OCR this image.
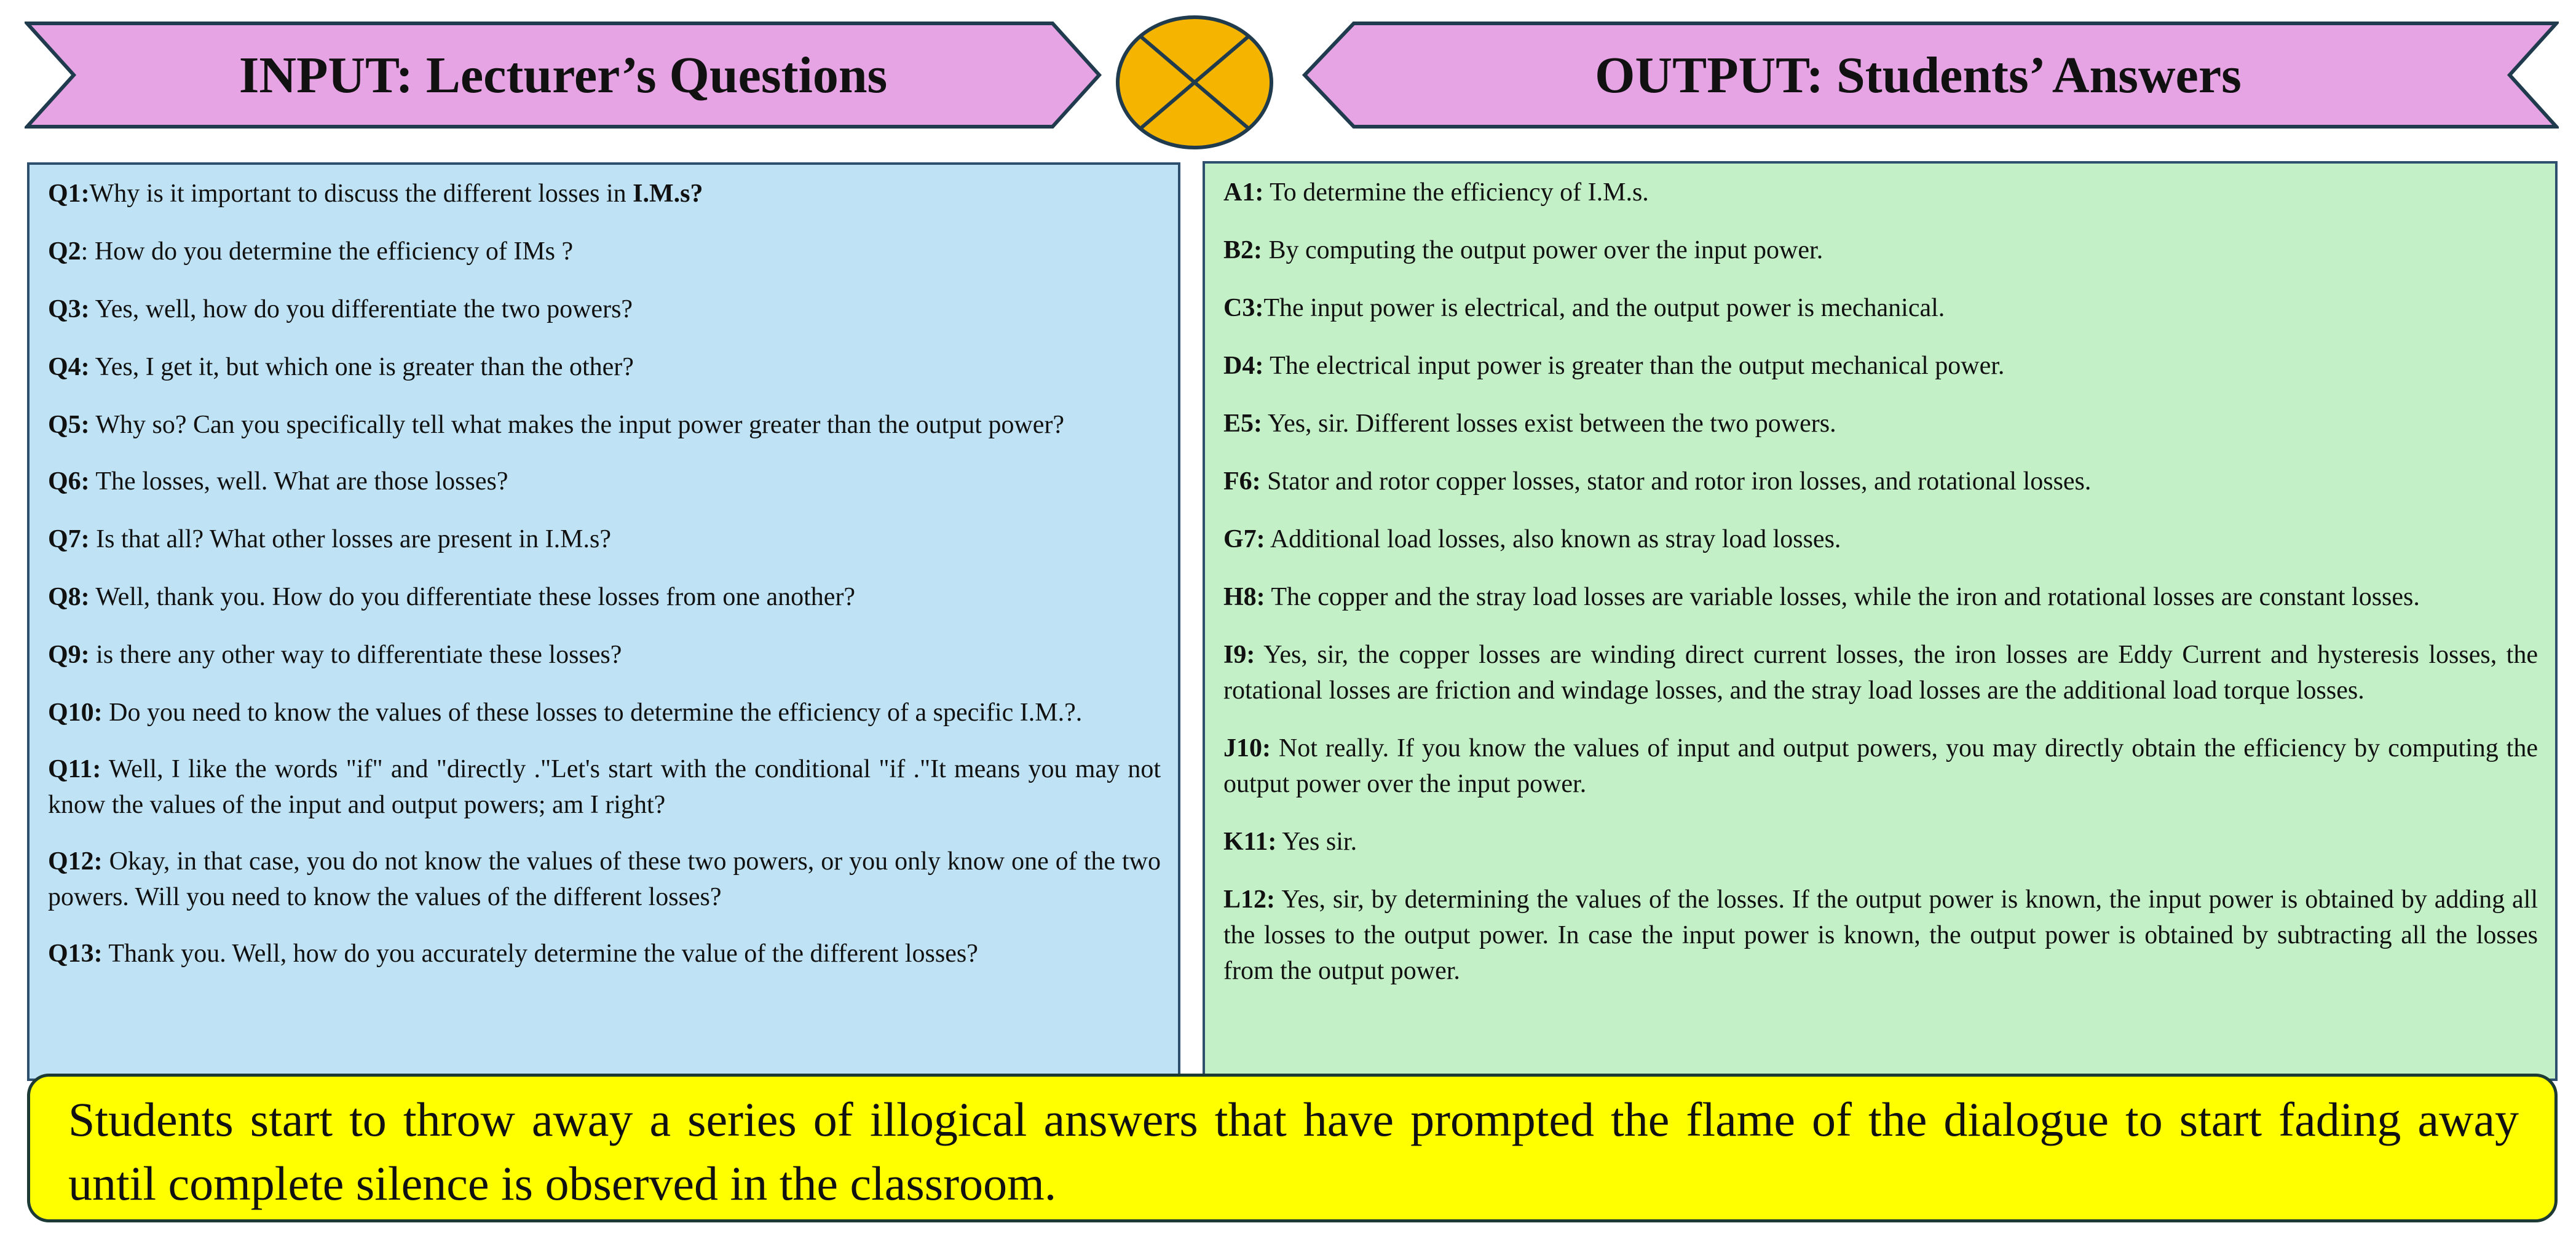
INPUT: Lecturer’s Questions	OUTPUT: Students’ Answers

Q1:Why is it important to discuss the different losses in I.M.s?

Q2: How do you determine the efficiency of IMs ?

Q3: Yes, well, how do you differentiate the two powers?

Q4: Yes, I get it, but which one is greater than the other?

Q5: Why so? Can you specifically tell what makes the input power greater than the output power?

Q6: The losses, well. What are those losses?

Q7: Is that all? What other losses are present in I.M.s?

Q8: Well, thank you. How do you differentiate these losses from one another?

Q9: is there any other way to differentiate these losses?

Q10: Do you need to know the values of these losses to determine the efficiency of a specific I.M.?.

Q11: Well, I like the words "if" and "directly ."Let's start with the conditional "if ."It means you may not know the values of the input and output powers; am I right?

Q12: Okay, in that case, you do not know the values of these two powers, or you only know one of the two powers. Will you need to know the values of the different losses?

Q13: Thank you. Well, how do you accurately determine the value of the different losses?

A1: To determine the efficiency of I.M.s.

B2: By computing the output power over the input power.

C3:The input power is electrical, and the output power is mechanical.

D4: The electrical input power is greater than the output mechanical power.

E5: Yes, sir. Different losses exist between the two powers.

F6: Stator and rotor copper losses, stator and rotor iron losses, and rotational losses.

G7: Additional load losses, also known as stray load losses.

H8: The copper and the stray load losses are variable losses, while the iron and rotational losses are constant losses.

I9: Yes, sir, the copper losses are winding direct current losses, the iron losses are Eddy Current and hysteresis losses, the rotational losses are friction and windage losses, and the stray load losses are the additional load torque losses.

J10: Not really. If you know the values of input and output powers, you may directly obtain the efficiency by computing the output power over the input power.

K11: Yes sir.

L12: Yes, sir, by determining the values of the losses. If the output power is known, the input power is obtained by adding all the losses to the output power. In case the input power is known, the output power is obtained by subtracting all the losses from the output power.

Students start to throw away a series of illogical answers that have prompted the flame of the dialogue to start fading away until complete silence is observed in the classroom.
